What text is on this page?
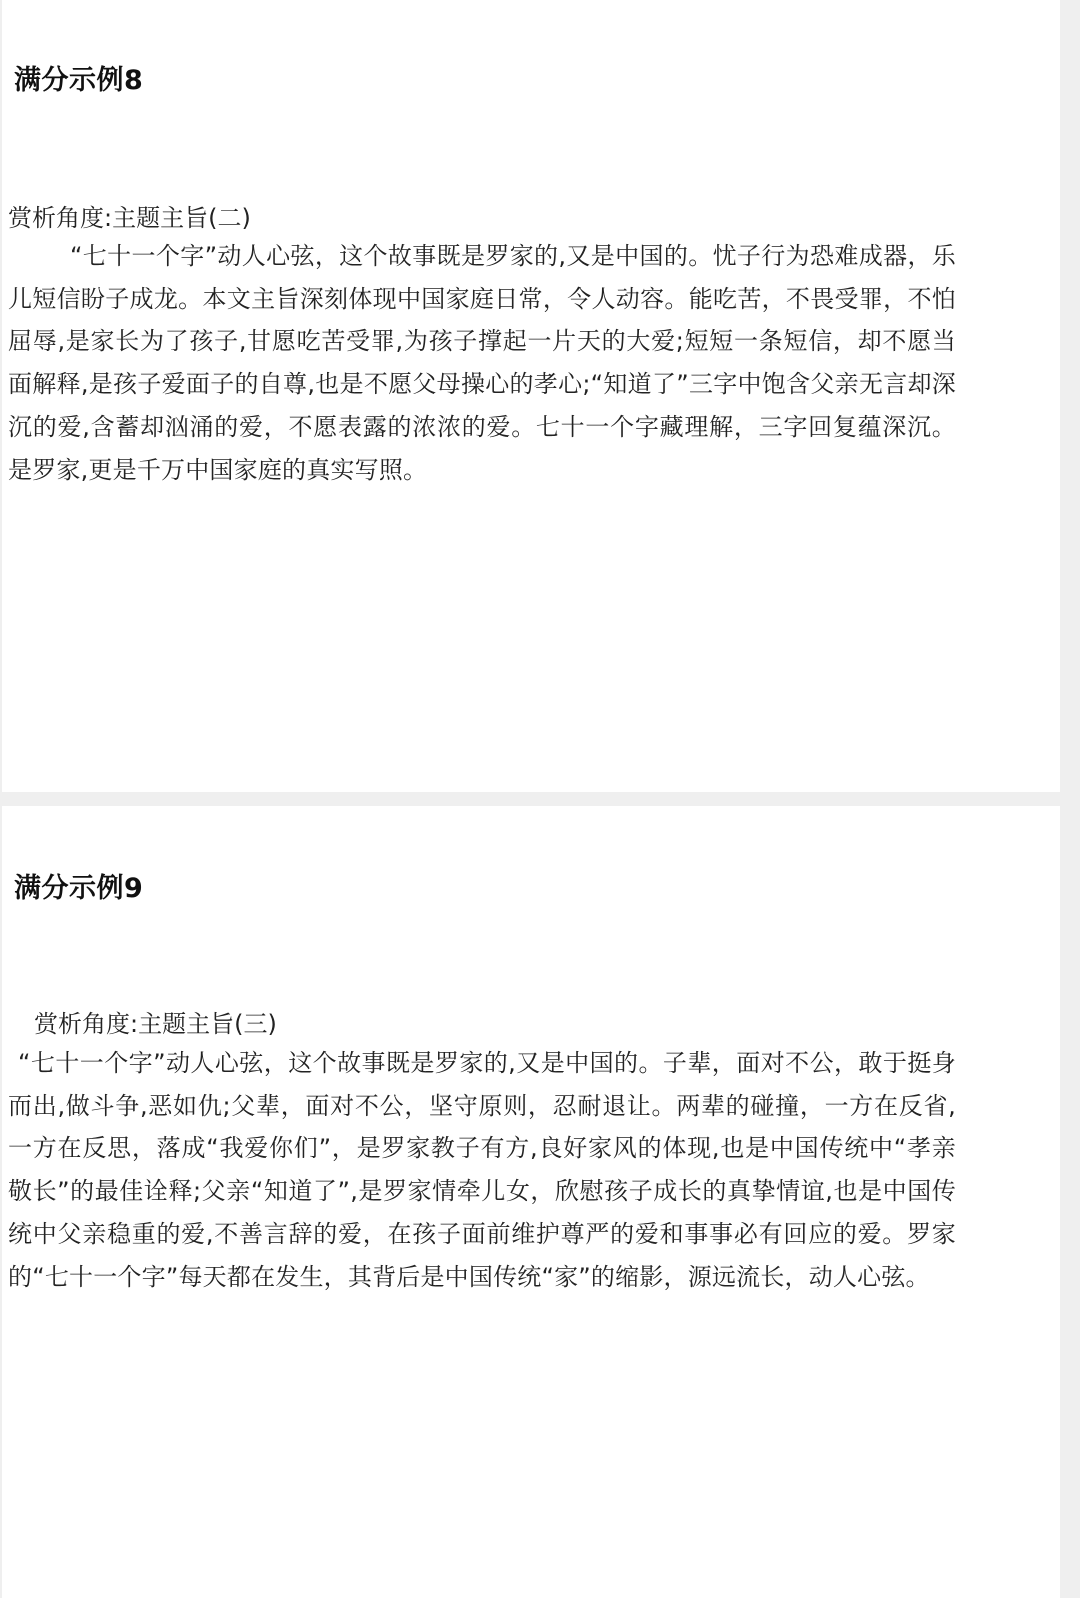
满分示例8

赏析角度:主题主旨(二)

“七十一个字”动人心弦，这个故事既是罗家的,又是中国的。忧子行为恐难成器，乐儿短信盼子成龙。本文主旨深刻体现中国家庭日常，令人动容。能吃苦，不畏受罪，不怕屈辱,是家长为了孩子,甘愿吃苦受罪,为孩子撑起一片天的大爱;短短一条短信，却不愿当面解释,是孩子爱面子的自尊,也是不愿父母操心的孝心;“知道了”三字中饱含父亲无言却深沉的爱,含蓄却汹涌的爱，不愿表露的浓浓的爱。七十一个字藏理解，三字回复蕴深沉。是罗家,更是千万中国家庭的真实写照。

满分示例9

赏析角度:主题主旨(三)

“七十一个字”动人心弦，这个故事既是罗家的,又是中国的。子辈，面对不公，敢于挺身而出,做斗争,恶如仇;父辈，面对不公，坚守原则，忍耐退让。两辈的碰撞，一方在反省,一方在反思，落成“我爱你们”，是罗家教子有方,良好家风的体现,也是中国传统中“孝亲敬长”的最佳诠释;父亲“知道了”,是罗家情牵儿女，欣慰孩子成长的真挚情谊,也是中国传统中父亲稳重的爱,不善言辞的爱，在孩子面前维护尊严的爱和事事必有回应的爱。罗家的“七十一个字”每天都在发生，其背后是中国传统“家”的缩影，源远流长，动人心弦。
